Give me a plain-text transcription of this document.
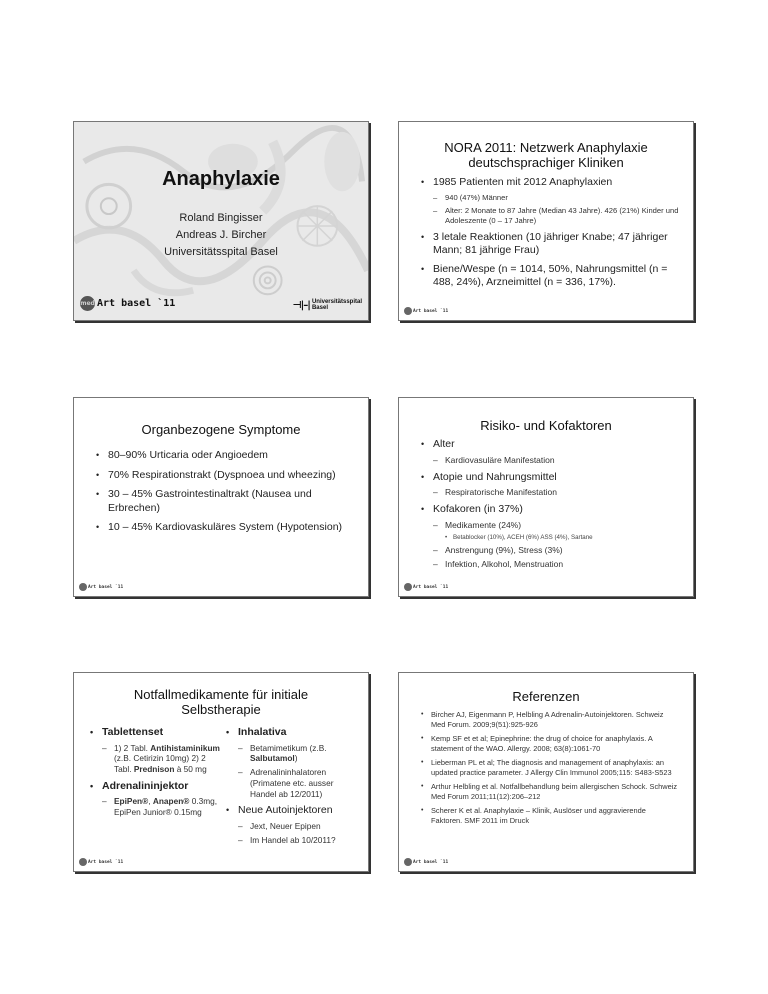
Anaphylaxie
Roland Bingisser
Andreas J. Bircher
Universitätsspital Basel
med Art basel `11	⊣|–| Universitätsspital
Basel
NORA 2011: Netzwerk Anaphylaxie
deutschsprachiger Kliniken
• 1985 Patienten mit 2012 Anaphylaxien
– 940 (47%) Männer
– Alter: 2 Monate to 87 Jahre (Median 43 Jahre). 426 (21%) Kinder und Adoleszente (0 – 17 Jahre)
• 3 letale Reaktionen (10 jähriger Knabe; 47 jähriger Mann; 81 jährige Frau)
• Biene/Wespe (n = 1014, 50%, Nahrungsmittel (n = 488, 24%), Arzneimittel (n = 336, 17%).
Art basel `11
Organbezogene Symptome
• 80–90% Urticaria oder Angioedem
• 70% Respirationstrakt (Dyspnoea und wheezing)
• 30 – 45% Gastrointestinaltrakt (Nausea und Erbrechen)
• 10 – 45% Kardiovaskuläres System (Hypotension)
Art basel `11
Risiko- und Kofaktoren
• Alter
– Kardiovasuläre Manifestation
• Atopie und Nahrungsmittel
– Respiratorische Manifestation
• Kofakoren (in 37%)
– Medikamente (24%)
• Betablocker (10%), ACEH (6%) ASS (4%), Sartane
– Anstrengung (9%), Stress (3%)
– Infektion, Alkohol, Menstruation
Art basel `11
Notfallmedikamente für initiale
Selbstherapie
• Tablettenset
– 1) 2 Tabl. Antihistaminikum (z.B. Cetirizin 10mg) 2) 2 Tabl. Prednison à 50 mg
• Adrenalininjektor
– EpiPen®, Anapen® 0.3mg, EpiPen Junior® 0.15mg
• Inhalativa
– Betamimetikum (z.B. Salbutamol)
– Adrenalininhalatoren (Primatene etc. ausser Handel ab 12/2011)
• Neue Autoinjektoren
– Jext, Neuer Epipen
– Im Handel ab 10/2011?
Art basel `11
Referenzen
• Bircher AJ, Eigenmann P, Helbling A Adrenalin-Autoinjektoren. Schweiz Med Forum. 2009;9(51):925-926
• Kemp SF et et al; Epinephrine: the drug of choice for anaphylaxis. A statement of the WAO. Allergy. 2008; 63(8):1061-70
• Lieberman PL et al; The diagnosis and management of anaphylaxis: an updated practice parameter. J Allergy Clin Immunol 2005;115: S483-S523
• Arthur Helbling et al. Notfallbehandlung beim allergischen Schock. Schweiz Med Forum 2011;11(12):206–212
• Scherer K et al. Anaphylaxie – Klinik, Auslöser und aggravierende Faktoren. SMF 2011 im Druck
Art basel `11
